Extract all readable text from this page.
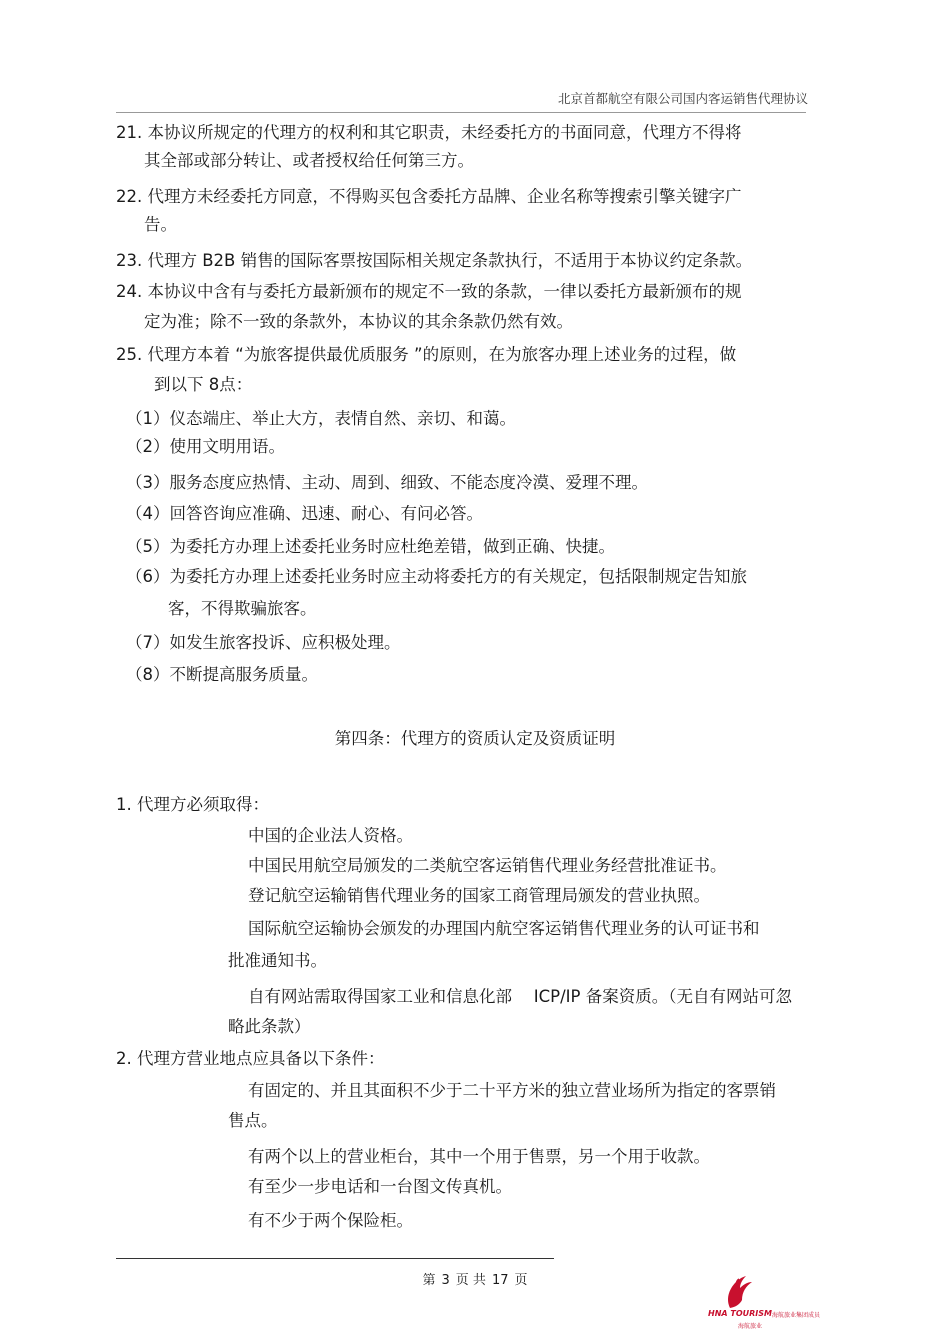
北京首都航空有限公司国内客运销售代理协议
21. 本协议所规定的代理方的权利和其它职责，未经委托方的书面同意，代理方不得将
其全部或部分转让、或者授权给任何第三方。
22. 代理方未经委托方同意，不得购买包含委托方品牌、企业名称等搜索引擎关键字广
告。
23. 代理方 B2B 销售的国际客票按国际相关规定条款执行，不适用于本协议约定条款。
24. 本协议中含有与委托方最新颁布的规定不一致的条款，一律以委托方最新颁布的规
定为准；除不一致的条款外，本协议的其余条款仍然有效。
25. 代理方本着 “为旅客提供最优质服务 ”的原则，在为旅客办理上述业务的过程，做
到以下 8点：
（1）仪态端庄、举止大方，表情自然、亲切、和蔼。
（2）使用文明用语。
（3）服务态度应热情、主动、周到、细致、不能态度冷漠、爱理不理。
（4）回答咨询应准确、迅速、耐心、有问必答。
（5）为委托方办理上述委托业务时应杜绝差错，做到正确、快捷。
（6）为委托方办理上述委托业务时应主动将委托方的有关规定，包括限制规定告知旅
客，不得欺骗旅客。
（7）如发生旅客投诉、应积极处理。
（8）不断提高服务质量。
第四条：代理方的资质认定及资质证明
1. 代理方必须取得：
中国的企业法人资格。
中国民用航空局颁发的二类航空客运销售代理业务经营批准证书。
登记航空运输销售代理业务的国家工商管理局颁发的营业执照。
国际航空运输协会颁发的办理国内航空客运销售代理业务的认可证书和
批准通知书。
自有网站需取得国家工业和信息化部　 ICP/IP 备案资质。（无自有网站可忽
略此条款）
2. 代理方营业地点应具备以下条件：
有固定的、并且其面积不少于二十平方米的独立营业场所为指定的客票销
售点。
有两个以上的营业柜台，其中一个用于售票，另一个用于收款。
有至少一步电话和一台图文传真机。
有不少于两个保险柜。
第 3 页 共 17 页
HNA TOURISM 海航旅业集团成员
海航旅业
